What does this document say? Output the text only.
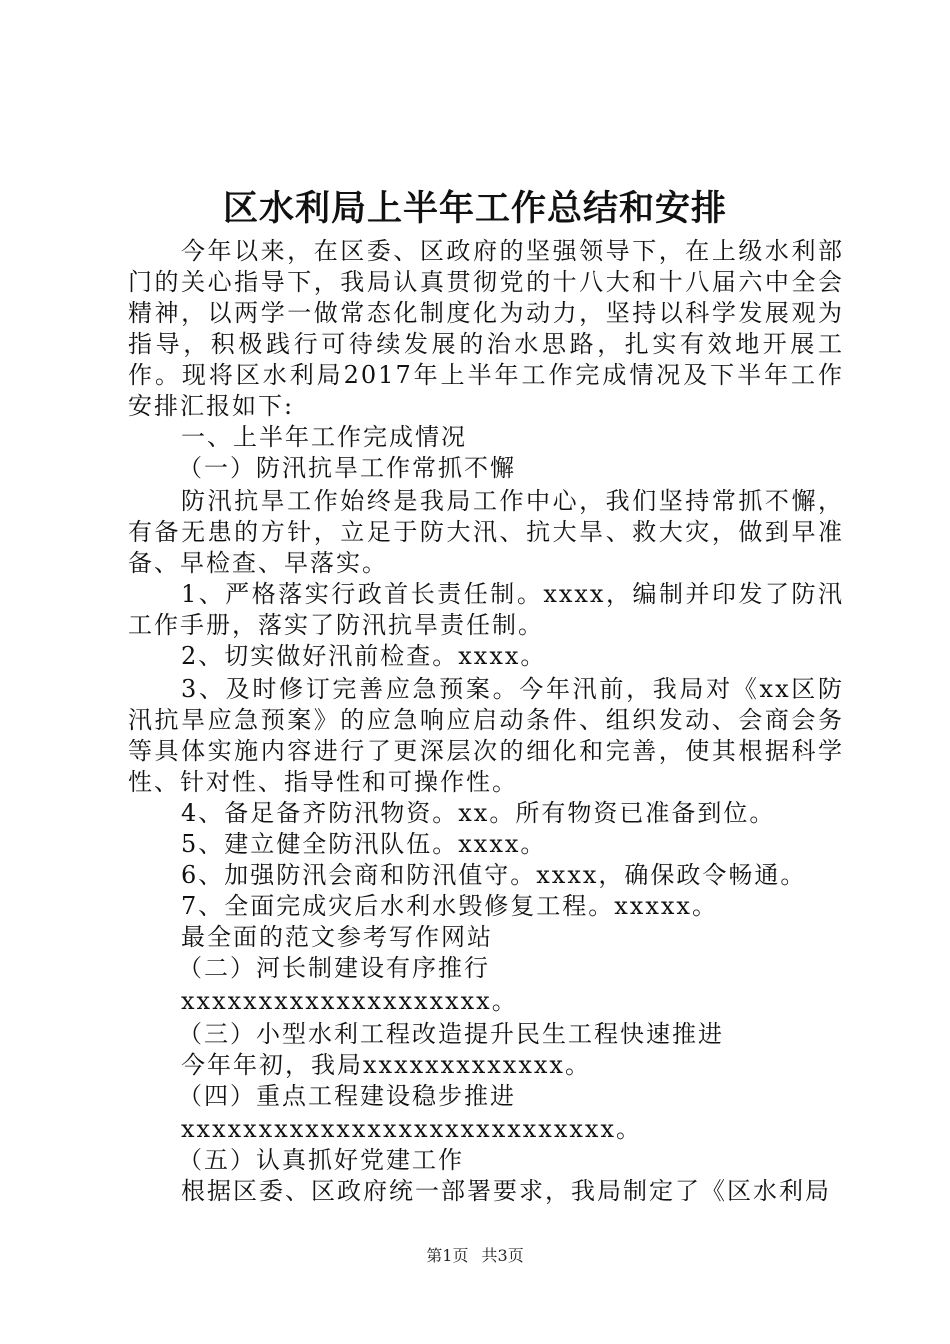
区水利局上半年工作总结和安排

今年以来，在区委、区政府的坚强领导下，在上级水利部门的关心指导下，我局认真贯彻党的十八大和十八届六中全会精神，以两学一做常态化制度化为动力，坚持以科学发展观为指导，积极践行可待续发展的治水思路，扎实有效地开展工作。现将区水利局2017年上半年工作完成情况及下半年工作安排汇报如下:

一、上半年工作完成情况

（一）防汛抗旱工作常抓不懈

防汛抗旱工作始终是我局工作中心，我们坚持常抓不懈，有备无患的方针，立足于防大汛、抗大旱、救大灾，做到早准备、早检查、早落实。

1、严格落实行政首长责任制。xxxx，编制并印发了防汛工作手册，落实了防汛抗旱责任制。

2、切实做好汛前检查。xxxx。

3、及时修订完善应急预案。今年汛前，我局对《xx区防汛抗旱应急预案》的应急响应启动条件、组织发动、会商会务等具体实施内容进行了更深层次的细化和完善，使其根据科学性、针对性、指导性和可操作性。

4、备足备齐防汛物资。xx。所有物资已准备到位。

5、建立健全防汛队伍。xxxx。

6、加强防汛会商和防汛值守。xxxx，确保政令畅通。

7、全面完成灾后水利水毁修复工程。xxxxx。

最全面的范文参考写作网站

（二）河长制建设有序推行

xxxxxxxxxxxxxxxxxxxx。

（三）小型水利工程改造提升民生工程快速推进

今年年初，我局xxxxxxxxxxxxx。

（四）重点工程建设稳步推进

xxxxxxxxxxxxxxxxxxxxxxxxxxxx。

（五）认真抓好党建工作

根据区委、区政府统一部署要求，我局制定了《区水利局

第1页 共3页
